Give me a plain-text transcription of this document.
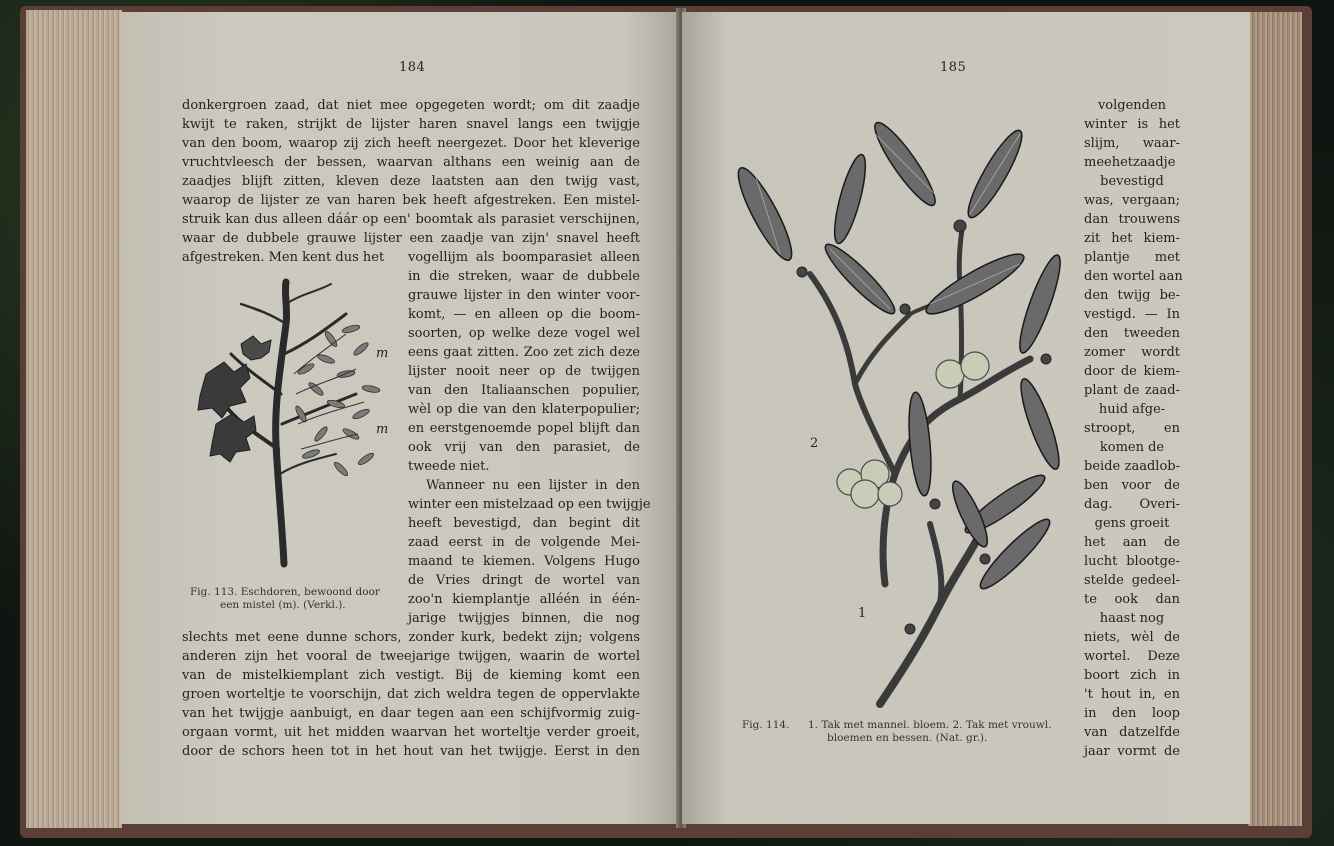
184
donkergroen zaad, dat niet mee opgegeten wordt; om dit zaadje
kwijt te raken, strijkt de lijster haren snavel langs een twijgje
van den boom, waarop zij zich heeft neergezet. Door het kleverige
vruchtvleesch der bessen, waarvan althans een weinig aan de
zaadjes blijft zitten, kleven deze laatsten aan den twijg vast,
waarop de lijster ze van haren bek heeft afgestreken. Een mistel-
struik kan dus alleen dáár op een' boomtak als parasiet verschijnen,
waar de dubbele grauwe lijster een zaadje van zijn' snavel heeft
afgestreken. Men kent dus het vogellijm als boomparasiet alleen
in die streken, waar de dubbele
grauwe lijster in den winter voor-
komt, — en alleen op die boom-
soorten, op welke deze vogel wel
eens gaat zitten. Zoo zet zich deze
lijster nooit neer op de twijgen
van den Italiaanschen populier,
wèl op die van den klaterpopulier;
en eerstgenoemde popel blijft dan
ook vrij van den parasiet, de
tweede niet.
Wanneer nu een lijster in den
winter een mistelzaad op een twijgje
heeft bevestigd, dan begint dit
zaad eerst in de volgende Mei-
maand te kiemen. Volgens Hugo
de Vries dringt de wortel van
zoo'n kiemplantje alléén in één-
jarige twijgjes binnen, die nog
slechts met eene dunne schors, zonder kurk, bedekt zijn; volgens
anderen zijn het vooral de tweejarige twijgen, waarin de wortel
van de mistelkiemplant zich vestigt. Bij de kieming komt een
groen worteltje te voorschijn, dat zich weldra tegen de oppervlakte
van het twijgje aanbuigt, en daar tegen aan een schijfvormig zuig-
orgaan vormt, uit het midden waarvan het worteltje verder groeit,
door de schors heen tot in het hout van het twijgje. Eerst in den
m
m
Fig. 113. Eschdoren, bewoond door
een mistel (m). (Verkl.).
185
2
1
Fig. 114. 1. Tak met mannel. bloem. 2. Tak met vrouwl.
bloemen en bessen. (Nat. gr.).
volgenden
winter is het
slijm, waar-
meehetzaadje
bevestigd
was, vergaan;
dan trouwens
zit het kiem-
plantje met
den wortel aan
den twijg be-
vestigd. — In
den tweeden
zomer wordt
door de kiem-
plant de zaad-
huid afge-
stroopt, en
komen de
beide zaadlob-
ben voor de
dag. Overi-
gens groeit
het aan de
lucht blootge-
stelde gedeel-
te ook dan
haast nog
niets, wèl de
wortel. Deze
boort zich in
't hout in, en
in den loop
van datzelfde
jaar vormt de
